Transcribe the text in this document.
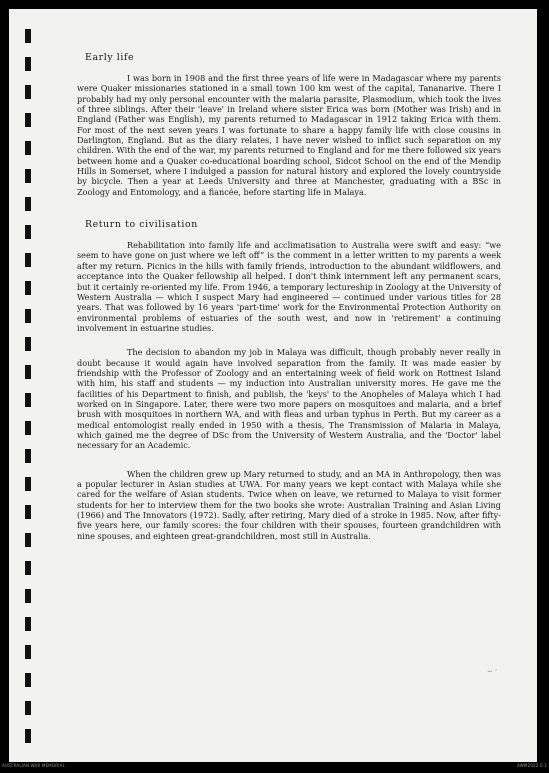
Early life

I was born in 1908 and the first three years of life were in Madagascar where my parents were Quaker missionaries stationed in a small town 100 km west of the capital, Tananarive. There I probably had my only personal encounter with the malaria parasite, Plasmodium, which took the lives of three siblings. After their 'leave' in Ireland where sister Erica was born (Mother was Irish) and in England (Father was English), my parents returned to Madagascar in 1912 taking Erica with them. For most of the next seven years I was fortunate to share a happy family life with close cousins in Darlington, England. But as the diary relates, I have never wished to inflict such separation on my children. With the end of the war, my parents returned to England and for me there followed six years between home and a Quaker co-educational boarding school, Sidcot School on the end of the Mendip Hills in Somerset, where I indulged a passion for natural history and explored the lovely countryside by bicycle. Then a year at Leeds University and three at Manchester, graduating with a BSc in Zoology and Entomology, and a fiancée, before starting life in Malaya.

Return to civilisation

Rehabilitation into family life and acclimatisation to Australia were swift and easy: “we seem to have gone on just where we left off” is the comment in a letter written to my parents a week after my return. Picnics in the hills with family friends, introduction to the abundant wildflowers, and acceptance into the Quaker fellowship all helped. I don't think internment left any permanent scars, but it certainly re-oriented my life. From 1946, a temporary lectureship in Zoology at the University of Western Australia — which I suspect Mary had engineered — continued under various titles for 28 years. That was followed by 16 years 'part-time' work for the Environmental Protection Authority on environmental problems of estuaries of the south west, and now in 'retirement' a continuing involvement in estuarine studies.

The decision to abandon my job in Malaya was difficult, though probably never really in doubt because it would again have involved separation from the family. It was made easier by friendship with the Professor of Zoology and an entertaining week of field work on Rottnest Island with him, his staff and students — my induction into Australian university mores. He gave me the facilities of his Department to finish, and publish, the 'keys' to the Anopheles of Malaya which I had worked on in Singapore. Later, there were two more papers on mosquitoes and malaria, and a brief brush with mosquitoes in northern WA, and with fleas and urban typhus in Perth. But my career as a medical entomologist really ended in 1950 with a thesis, The Transmission of Malaria in Malaya, which gained me the degree of DSc from the University of Western Australia, and the 'Doctor' label necessary for an Academic.

When the children grew up Mary returned to study, and an MA in Anthropology, then was a popular lecturer in Asian studies at UWA. For many years we kept contact with Malaya while she cared for the welfare of Asian students. Twice when on leave, we returned to Malaya to visit former students for her to interview them for the two books she wrote: Australian Training and Asian Living (1966) and The Innovators (1972). Sadly, after retiring, Mary died of a stroke in 1985. Now, after fifty-five years here, our family scores: the four children with their spouses, fourteen grandchildren with nine spouses, and eighteen great-grandchildren, most still in Australia.

~ ·
AUSTRALIAN WAR MEMORIAL	AWM2022.0.1
